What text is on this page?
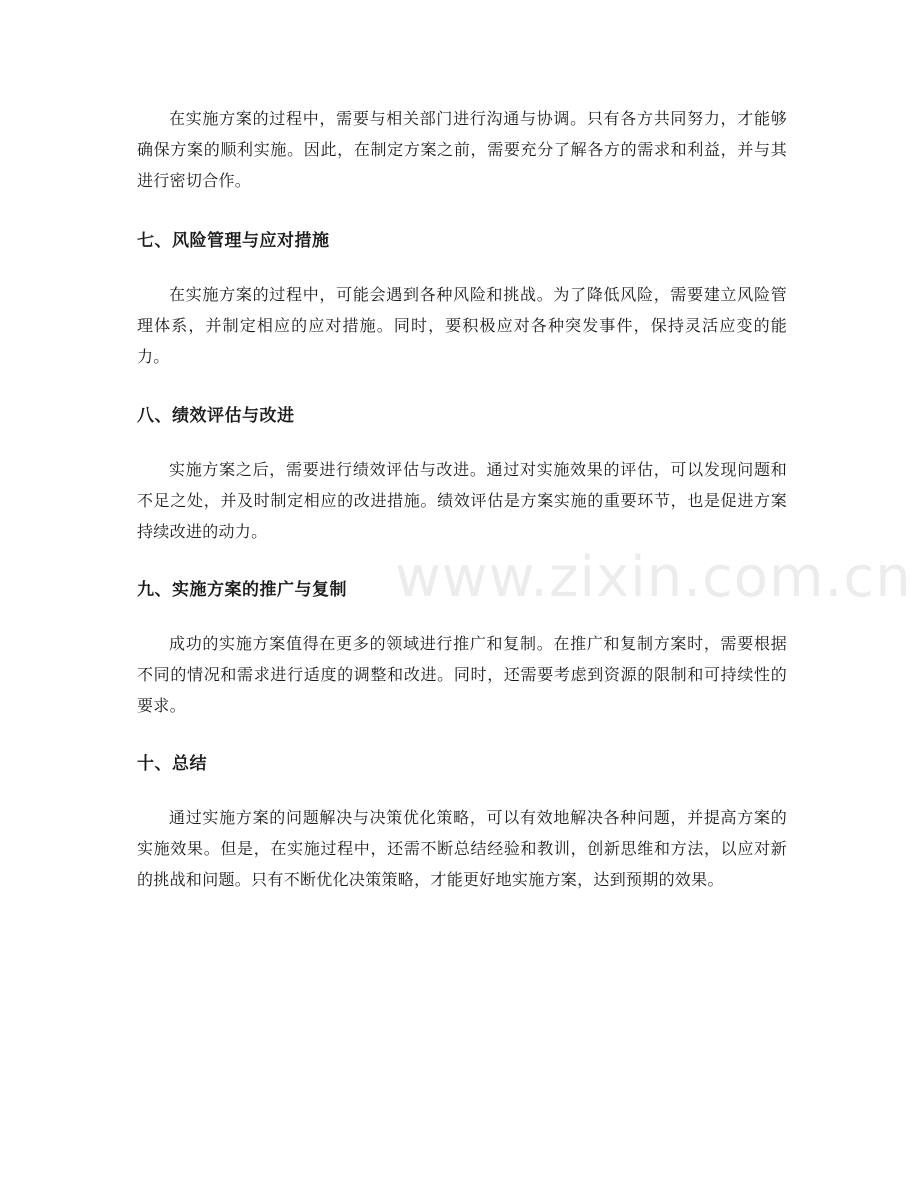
在实施方案的过程中，需要与相关部门进行沟通与协调。只有各方共同努力，才能够确保方案的顺利实施。因此，在制定方案之前，需要充分了解各方的需求和利益，并与其进行密切合作。

七、风险管理与应对措施

在实施方案的过程中，可能会遇到各种风险和挑战。为了降低风险，需要建立风险管理体系，并制定相应的应对措施。同时，要积极应对各种突发事件，保持灵活应变的能力。

八、绩效评估与改进

实施方案之后，需要进行绩效评估与改进。通过对实施效果的评估，可以发现问题和不足之处，并及时制定相应的改进措施。绩效评估是方案实施的重要环节，也是促进方案持续改进的动力。

九、实施方案的推广与复制

成功的实施方案值得在更多的领域进行推广和复制。在推广和复制方案时，需要根据不同的情况和需求进行适度的调整和改进。同时，还需要考虑到资源的限制和可持续性的要求。

十、总结

通过实施方案的问题解决与决策优化策略，可以有效地解决各种问题，并提高方案的实施效果。但是，在实施过程中，还需不断总结经验和教训，创新思维和方法，以应对新的挑战和问题。只有不断优化决策策略，才能更好地实施方案，达到预期的效果。

www.zixin.com.cn
